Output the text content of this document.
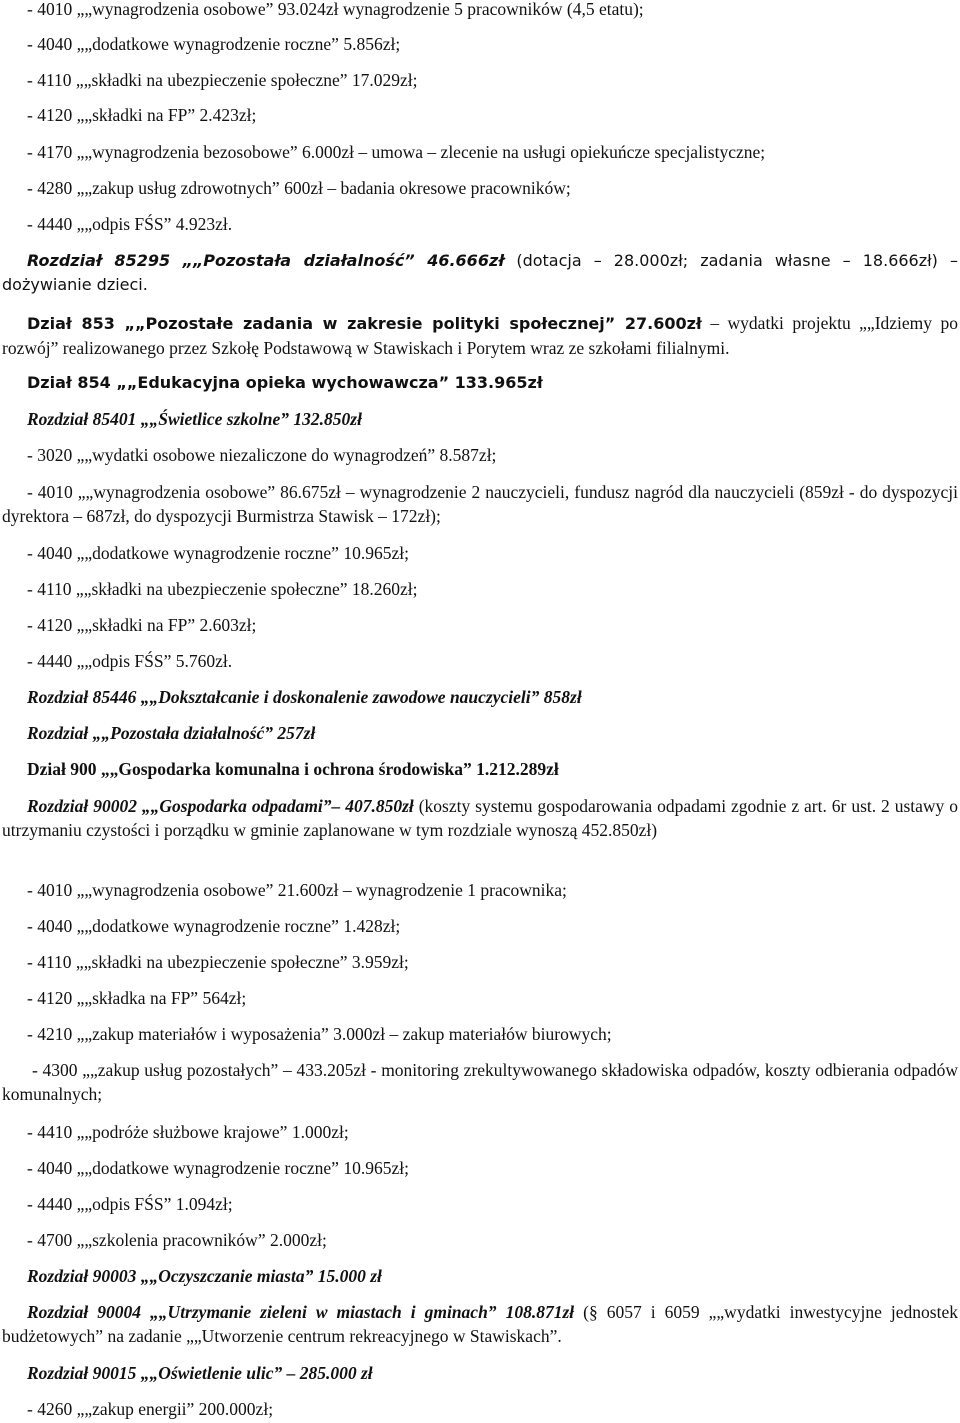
- 4010 „„wynagrodzenia osobowe” 93.024zł wynagrodzenie 5 pracowników (4,5 etatu);
- 4040 „„dodatkowe wynagrodzenie roczne” 5.856zł;
- 4110 „„składki na ubezpieczenie społeczne” 17.029zł;
- 4120 „„składki na FP” 2.423zł;
- 4170 „„wynagrodzenia bezosobowe” 6.000zł – umowa – zlecenie na usługi opiekuńcze specjalistyczne;
- 4280 „„zakup usług zdrowotnych” 600zł – badania okresowe pracowników;
- 4440 „„odpis FŚS” 4.923zł.
Rozdział 85295 „„Pozostała działalność” 46.666zł (dotacja – 28.000zł; zadania własne – 18.666zł) – dożywianie dzieci.
Dział 853 „„Pozostałe zadania w zakresie polityki społecznej” 27.600zł – wydatki projektu „„Idziemy po rozwój” realizowanego przez Szkołę Podstawową w Stawiskach i Porytem wraz ze szkołami filialnymi.
Dział 854 „„Edukacyjna opieka wychowawcza” 133.965zł
Rozdział 85401 „„Świetlice szkolne” 132.850zł
- 3020 „„wydatki osobowe niezaliczone do wynagrodzeń” 8.587zł;
- 4010 „„wynagrodzenia osobowe” 86.675zł – wynagrodzenie 2 nauczycieli, fundusz nagród dla nauczycieli (859zł - do dyspozycji dyrektora – 687zł, do dyspozycji Burmistrza Stawisk – 172zł);
- 4040 „„dodatkowe wynagrodzenie roczne” 10.965zł;
- 4110 „„składki na ubezpieczenie społeczne” 18.260zł;
- 4120 „„składki na FP” 2.603zł;
- 4440 „„odpis FŚS” 5.760zł.
Rozdział 85446 „„Dokształcanie i doskonalenie zawodowe nauczycieli” 858zł
Rozdział „„Pozostała działalność” 257zł
Dział 900 „„Gospodarka komunalna i ochrona środowiska” 1.212.289zł
Rozdział 90002 „„Gospodarka odpadami”– 407.850zł (koszty systemu gospodarowania odpadami zgodnie z art. 6r ust. 2 ustawy o utrzymaniu czystości i porządku w gminie zaplanowane w tym rozdziale wynoszą 452.850zł)
- 4010 „„wynagrodzenia osobowe” 21.600zł – wynagrodzenie 1 pracownika;
- 4040 „„dodatkowe wynagrodzenie roczne” 1.428zł;
- 4110 „„składki na ubezpieczenie społeczne” 3.959zł;
- 4120 „„składka na FP” 564zł;
- 4210 „„zakup materiałów i wyposażenia” 3.000zł – zakup materiałów biurowych;
- 4300 „„zakup usług pozostałych” – 433.205zł - monitoring zrekultywowanego składowiska odpadów, koszty odbierania odpadów komunalnych;
- 4410 „„podróże służbowe krajowe” 1.000zł;
- 4040 „„dodatkowe wynagrodzenie roczne” 10.965zł;
- 4440 „„odpis FŚS” 1.094zł;
- 4700 „„szkolenia pracowników” 2.000zł;
Rozdział 90003 „„Oczyszczanie miasta” 15.000 zł
Rozdział 90004 „„Utrzymanie zieleni w miastach i gminach” 108.871zł (§ 6057 i 6059 „„wydatki inwestycyjne jednostek budżetowych” na zadanie „„Utworzenie centrum rekreacyjnego w Stawiskach”.
Rozdział 90015 „„Oświetlenie ulic” – 285.000 zł
- 4260 „„zakup energii” 200.000zł;
